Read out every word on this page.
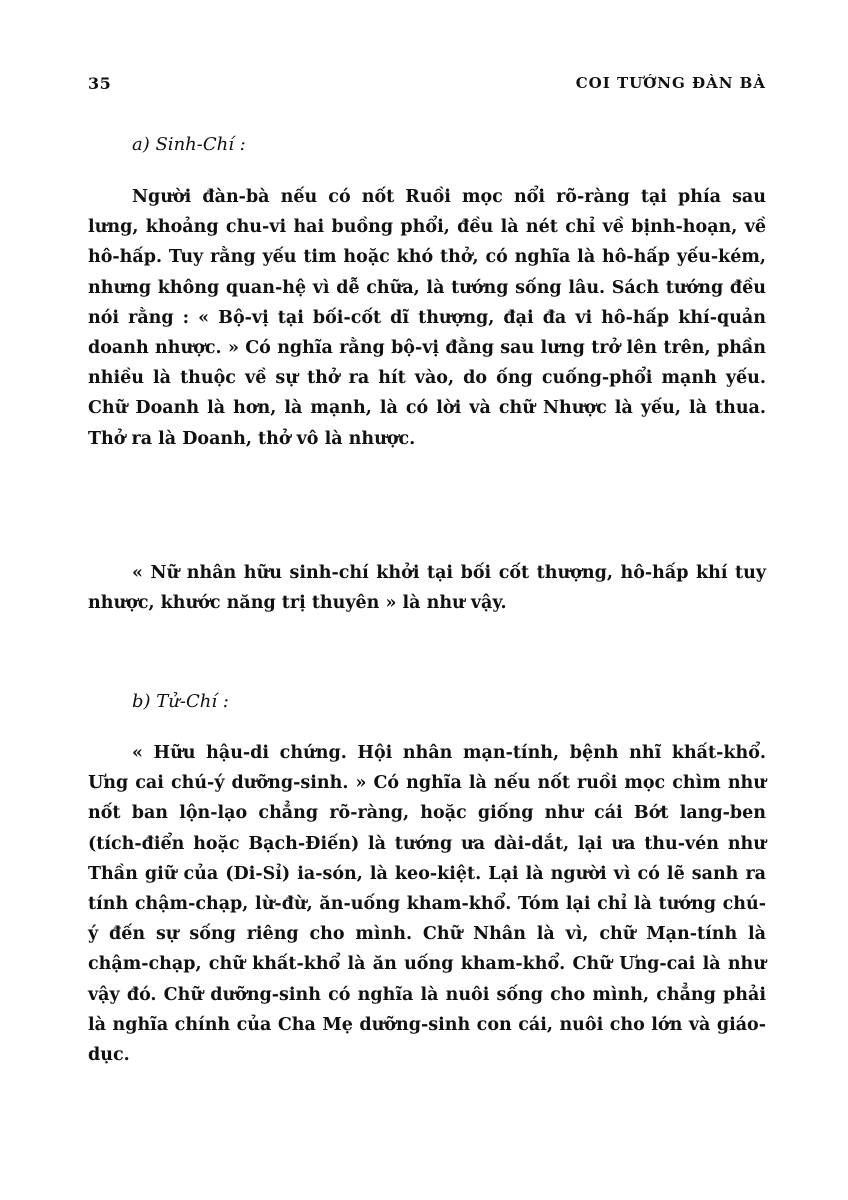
35	COI TƯỚNG ĐÀN BÀ
a) Sinh-Chí :

Người đàn-bà nếu có nốt Ruồi mọc nổi rõ-ràng tại phía sau lưng, khoảng chu-vi hai buồng phổi, đều là nét chỉ về bịnh-hoạn, về hô-hấp. Tuy rằng yếu tim hoặc khó thở, có nghĩa là hô-hấp yếu-kém, nhưng không quan-hệ vì dễ chữa, là tướng sống lâu. Sách tướng đều nói rằng : « Bộ-vị tại bối-cốt dĩ thượng, đại đa vi hô-hấp khí-quản doanh nhược. » Có nghĩa rằng bộ-vị đằng sau lưng trở lên trên, phần nhiều là thuộc về sự thở ra hít vào, do ống cuống-phổi mạnh yếu. Chữ Doanh là hơn, là mạnh, là có lời và chữ Nhược là yếu, là thua. Thở ra là Doanh, thở vô là nhược.

« Nữ nhân hữu sinh-chí khởi tại bối cốt thượng, hô-hấp khí tuy nhược, khước năng trị thuyên » là như vậy.

b) Tử-Chí :

« Hữu hậu-di chứng. Hội nhân mạn-tính, bệnh nhĩ khất-khổ. Ưng cai chú-ý dưỡng-sinh. » Có nghĩa là nếu nốt ruồi mọc chìm như nốt ban lộn-lạo chẳng rõ-ràng, hoặc giống như cái Bớt lang-ben (tích-điển hoặc Bạch-Điến) là tướng ưa dài-dắt, lại ưa thu-vén như Thần giữ của (Di-Sỉ) ia-són, là keo-kiệt. Lại là người vì có lẽ sanh ra tính chậm-chạp, lừ-đừ, ăn-uống kham-khổ. Tóm lại chỉ là tướng chú-ý đến sự sống riêng cho mình. Chữ Nhân là vì, chữ Mạn-tính là chậm-chạp, chữ khất-khổ là ăn uống kham-khổ. Chữ Ưng-cai là như vậy đó. Chữ dưỡng-sinh có nghĩa là nuôi sống cho mình, chẳng phải là nghĩa chính của Cha Mẹ dưỡng-sinh con cái, nuôi cho lớn và giáo-dục.
